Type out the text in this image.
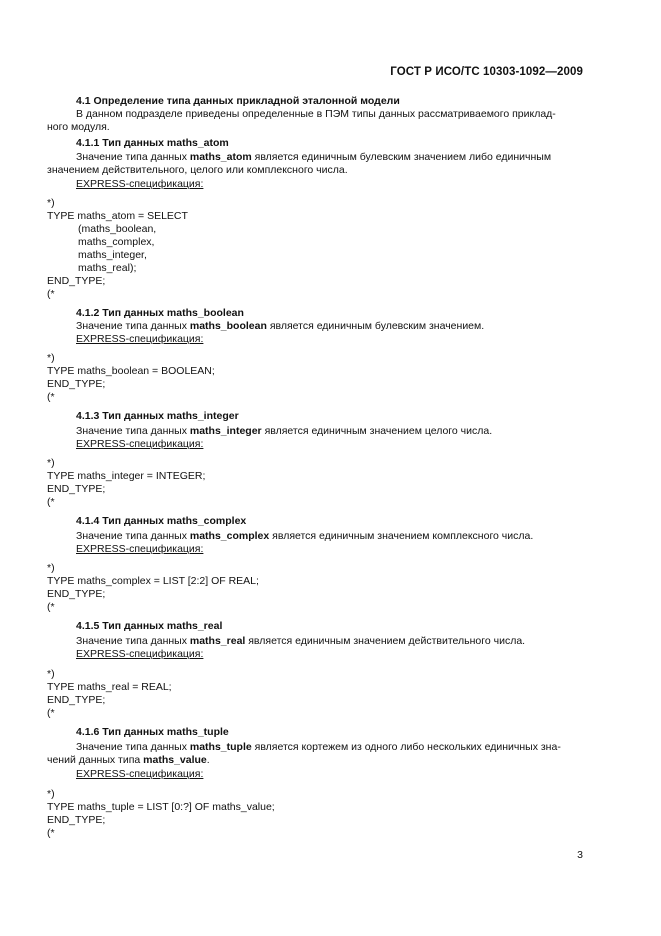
ГОСТ Р ИСО/ТС 10303-1092—2009
4.1 Определение типа данных прикладной эталонной модели
В данном подразделе приведены определенные в ПЭМ типы данных рассматриваемого приклад-
ного модуля.
4.1.1 Тип данных maths_atom
Значение типа данных maths_atom является единичным булевским значением либо единичным
значением действительного, целого или комплексного числа.
EXPRESS-спецификация:
*)
TYPE maths_atom = SELECT
(maths_boolean,
maths_complex,
maths_integer,
maths_real);
END_TYPE;
(*
4.1.2 Тип данных maths_boolean
Значение типа данных maths_boolean является единичным булевским значением.
EXPRESS-спецификация:
*)
TYPE maths_boolean = BOOLEAN;
END_TYPE;
(*
4.1.3 Тип данных maths_integer
Значение типа данных maths_integer является единичным значением целого числа.
EXPRESS-спецификация:
*)
TYPE maths_integer = INTEGER;
END_TYPE;
(*
4.1.4 Тип данных maths_complex
Значение типа данных maths_complex является единичным значением комплексного числа.
EXPRESS-спецификация:
*)
TYPE maths_complex = LIST [2:2] OF REAL;
END_TYPE;
(*
4.1.5 Тип данных maths_real
Значение типа данных maths_real является единичным значением действительного числа.
EXPRESS-спецификация:
*)
TYPE maths_real = REAL;
END_TYPE;
(*
4.1.6 Тип данных maths_tuple
Значение типа данных maths_tuple является кортежем из одного либо нескольких единичных зна-
чений данных типа maths_value.
EXPRESS-спецификация:
*)
TYPE maths_tuple = LIST [0:?] OF maths_value;
END_TYPE;
(*
3
